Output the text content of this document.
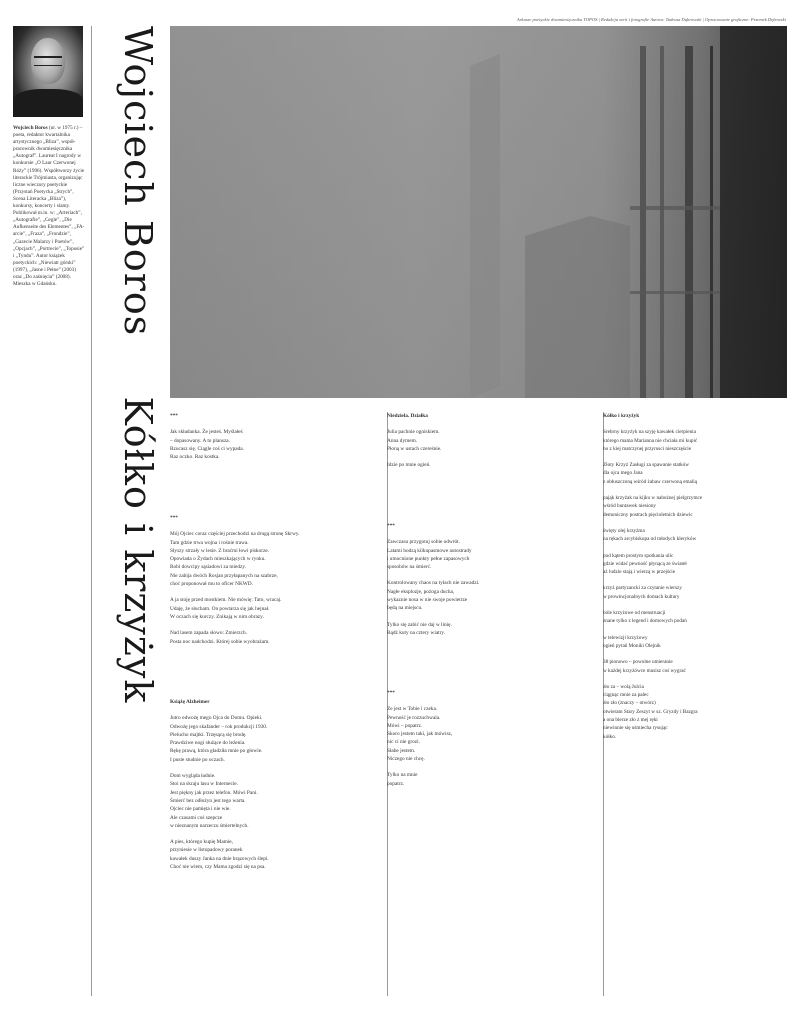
Arkusze poetyckie dwumiesięcznika TOPOS | Redakcja serii i fotografie Autora: Tadeusz Dąbrowski | Opracowanie graficzne: Przemek Dębowski
Wojciech Boros (ur. w 1975 r.) – poeta, redaktor kwartalnika artystycznego „Bliza”, współ-pracownik dwumiesięcznika „Autograf”. Laureat I nagrody w konkursie „O Laur Czerwonej Róży” (1996). Współtworzy życie literackie Trójmiasta, organizując liczne wieczory poetyckie (Przystań Poetycka „Strych”, Scena Literacka „Bliza”), konkursy, koncerty i slamy. Publikował m.in. w: „Arteriach”, „Autografie”, „Cegle”, „Die Aufkenseite des Elementes”, „FA-arcie”, „Fraza”, „Frondzie”, „Gazecie Malarzy i Poetów”, „Opcjach”, „Portrecie”, „Toposie” i „Tyndu”. Autor książek poetyckich: „Niewiatr górski” (1997), „Jasne i Pełne” (2003) oraz „Do zaśnięcia” (2008). Mieszka w Gdańsku.	Wojciech Boros  Kółko i krzyżyk ***
Jak składanka. Że jesteś. Myślałeś
– dopasowany. A to plansza.
Rzucasz się. Ciągle coś ci wypada.
Raz oczko. Raz kostka.
***
Mój Ojciec coraz częściej przechodzi na drugą stronę Skrwy.
Tam gdzie trwa wojna i rośnie trawa.
Słyszy strzały w lesie. Z braćmi łowi piskorze.
Opowiada o Żydach mieszkających w rynku.
Robi dowcipy sąsiadowi za miedzy.
Nie zabija dwóch Rosjan przyłapanych na szabrze,
choć proponował mu to oficer NKWD.
A ja stoję przed mostkiem. Nie mówię: Tato, wracaj.
Udaję, że słucham. On powtarza się jak hejnał.
W oczach się kurczy. Znikają w nim obrazy.
Nad lasem zapada słowo: Zmierzch.
Posta noc nadchodzi. Której sobie wyobrażam.
Książę Alzheimer
Jutro odwożę mego Ojca do Domu. Opieki.
Odwożę jego skafander – rok produkcji 1930.
Pielucho majtki. Trzęsącą się brodę.
Prawdziwe nogi służące do leżenia.
Rękę prawą, która gładziła mnie po głowie.
I puste studnie po oczach.
Dom wygląda ładnie.
Stoi na skraju lasu w Internecie.
Jest piękny jak przez telefon. Mówi Pani.
Śmierć bez odłożyn jest tego warta.
Ojciec nie pamięta i nie wie.
Ale czasami coś szepcze
w nieznanym narzeczu śmiertelnych.
A pies, którego kupię Mamie,
przyniesie w listopadowy poranek
kawałek duszy Janka na dnie brązowych ślepi.
Choć nie wiem, czy Mama zgodzi się na psa.
Niedziela. Działka
Julia pachnie ogniskiem.
Anna dymem.
Płoną w ustach czereśnie.
Idzie po mnie ogień.
***
Zawczasu przygotuj sobie odwrót.
Latami bodzą kilkupasmowe autostrady
i umocnione punkty pełne zapasowych
sposobów na śmierć.
Kontrolowany chaos na tyłach nie zawadzi.
Nagłe eksplozje, pożoga ducha,
wykaznie nosa w nie swoje powietrze
będą na miejscu.
Tylko się zabić nie daj w linię.
Bądź kuty na cztery wiatry.
***
Ze jest w Tobie i czeka.
Pewność je rozzuchwala.
Mówi – popatrz.
Skoro jestem taki, jak mówisz,
nic ci nie grozi.
Słabe jestem.
Niczego nie chcę.
Tylko na mnie
popatrz.
Kółko i krzyżyk
Srebrny krzyżyk na szyję kawałek cierpienia
którego mama Marianna nie chciała mi kupić
bo z kiej matczynej przyrosci nieszczęście
Złoty Krzyż Zasługi za spawanie statków
dla ojca mego Jana
z obłuszczoną wśród żabaw czerwoną emalią
pająk krzyżak na kijku w nabożnej pielgrzymce
wśród buntawek niesiony
demoniczny postrach pięcioletnich dziewic
święty olej krzyżma
na rękach arcybiskupa od młodych kleryków
pod kątem prostym spotkania ulic
gdzie widać pewność płynącą ze świateł
aż ludzie stają i wierzą w przejście
krzyż partyzancki za czytanie wierszy
w prowincjonalnych domach kultury
bóle krzyżowe od menstruacji
znane tylko z legend i domowych podań
w telewizji krzyżowy
ogień pytań Moniki Olejnik
38 pionowo – powolne umieranie
w każdej krzyżówce musisz coś wygrać
zło za – wolą Julcia
ciągnąc mnie za palec
zło zło (znaczy – otwórz)
otwieram Stary Zeszyt w sz. Gryzdy i Bazgra
a ona bierze zło z mej ręki
niewinnie się uśmiecha rysując
kółko.
